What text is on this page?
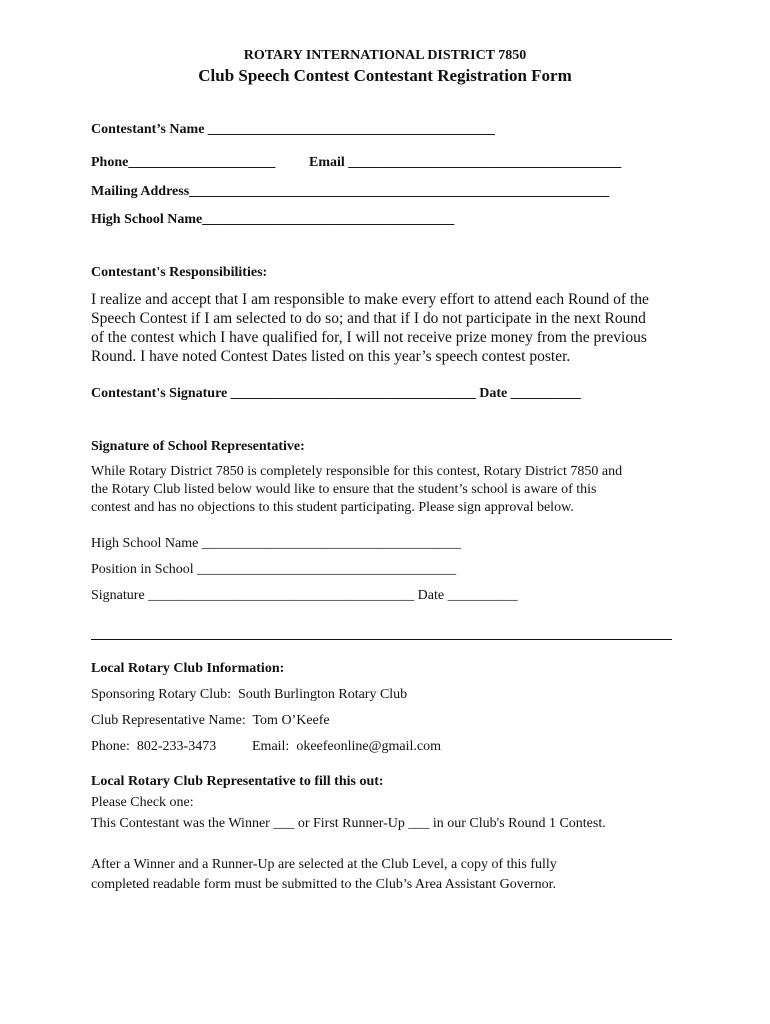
ROTARY INTERNATIONAL DISTRICT 7850
Club Speech Contest Contestant Registration Form
Contestant’s Name _________________________________________
Phone_____________________ Email _______________________________________
Mailing Address____________________________________________________________
High School Name____________________________________
Contestant's Responsibilities:
I realize and accept that I am responsible to make every effort to attend each Round of the
Speech Contest if I am selected to do so; and that if I do not participate in the next Round
of the contest which I have qualified for, I will not receive prize money from the previous
Round. I have noted Contest Dates listed on this year’s speech contest poster.
Contestant's Signature ___________________________________ Date __________
Signature of School Representative:
While Rotary District 7850 is completely responsible for this contest, Rotary District 7850 and
the Rotary Club listed below would like to ensure that the student’s school is aware of this
contest and has no objections to this student participating. Please sign approval below.
High School Name _____________________________________
Position in School _____________________________________
Signature ______________________________________ Date __________
Local Rotary Club Information:
Sponsoring Rotary Club:  South Burlington Rotary Club
Club Representative Name:  Tom O’Keefe
Phone:  802-233-3473	Email:  okeefeonline@gmail.com
Local Rotary Club Representative to fill this out:
Please Check one:
This Contestant was the Winner ___ or First Runner-Up ___ in our Club's Round 1 Contest.
After a Winner and a Runner-Up are selected at the Club Level, a copy of this fully
completed readable form must be submitted to the Club’s Area Assistant Governor.
